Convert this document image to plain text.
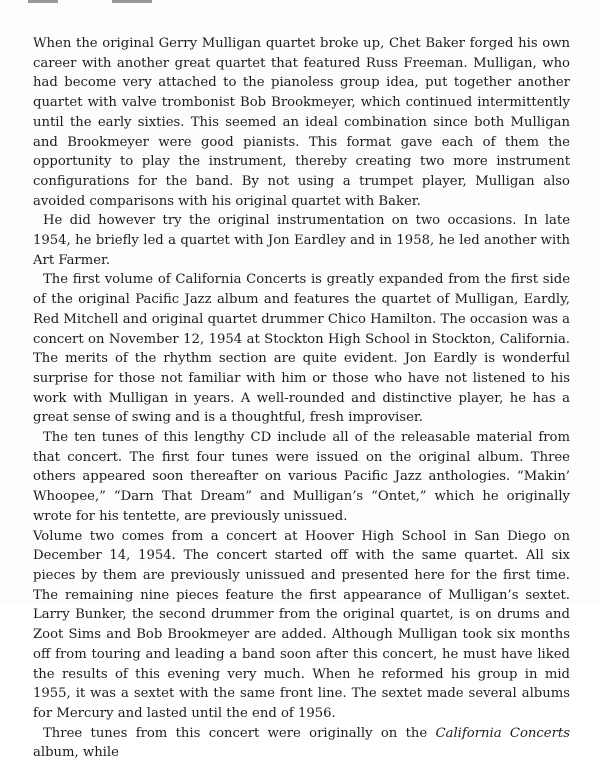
When the original Gerry Mulligan quartet broke up, Chet Baker forged his own career with another great quartet that featured Russ Freeman. Mulligan, who had become very attached to the pianoless group idea, put together another quartet with valve trombonist Bob Brookmeyer, which continued intermittently until the early sixties. This seemed an ideal combination since both Mulligan and Brookmeyer were good pianists. This format gave each of them the opportunity to play the instrument, thereby creating two more instrument configurations for the band. By not using a trumpet player, Mulligan also avoided comparisons with his original quartet with Baker.

He did however try the original instrumentation on two occasions. In late 1954, he briefly led a quartet with Jon Eardley and in 1958, he led another with Art Farmer.

The first volume of California Concerts is greatly expanded from the first side of the original Pacific Jazz album and features the quartet of Mulligan, Eardly, Red Mitchell and original quartet drummer Chico Hamilton. The occasion was a concert on November 12, 1954 at Stockton High School in Stockton, California. The merits of the rhythm section are quite evident. Jon Eardly is wonderful surprise for those not familiar with him or those who have not listened to his work with Mulligan in years. A well-rounded and distinctive player, he has a great sense of swing and is a thoughtful, fresh improviser.

The ten tunes of this lengthy CD include all of the releasable material from that concert. The first four tunes were issued on the original album. Three others appeared soon thereafter on various Pacific Jazz anthologies. “Makin’ Whoopee,” “Darn That Dream” and Mulligan’s “Ontet,” which he originally wrote for his tentette, are previously unissued.

Volume two comes from a concert at Hoover High School in San Diego on December 14, 1954. The concert started off with the same quartet. All six pieces by them are previously unissued and presented here for the first time. The remaining nine pieces feature the first appearance of Mulligan’s sextet. Larry Bunker, the second drummer from the original quartet, is on drums and Zoot Sims and Bob Brookmeyer are added. Although Mulligan took six months off from touring and leading a band soon after this concert, he must have liked the results of this evening very much. When he reformed his group in mid 1955, it was a sextet with the same front line. The sextet made several albums for Mercury and lasted until the end of 1956.

Three tunes from this concert were originally on the California Concerts album, while
